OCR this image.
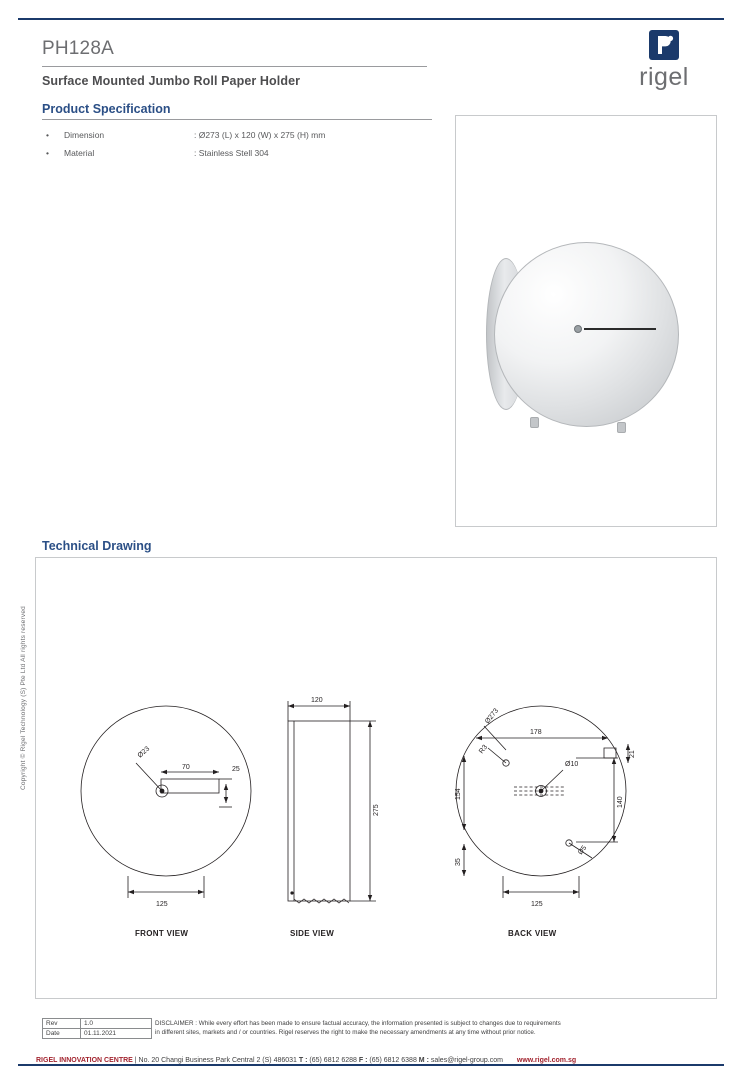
PH128A
Surface Mounted Jumbo Roll Paper Holder	rigel
Product Specification
•	Dimension	: Ø273 (L) x 120 (W) x 275 (H) mm
•	Material	: Stainless Stell 304
Technical Drawing
Ø23
70	25
125
FRONT VIEW
120
275
SIDE VIEW
Ø273
178
R3
Ø10
Ø5
21
154
140
35
125
BACK VIEW
Copyright © Rigel Technology (S) Pte Ltd All rights reserved
Rev	1.0
Date	01.11.2021
DISCLAIMER : While every effort has been made to ensure factual accuracy, the information presented is subject to changes due to requirements
in different sites, markets and / or countries. Rigel reserves the right to make the necessary amendments at any time without prior notice.
RIGEL INNOVATION CENTRE | No. 20 Changi Business Park Central 2 (S) 486031 T : (65) 6812 6288 F : (65) 6812 6388 M : sales@rigel-group.com www.rigel.com.sg
